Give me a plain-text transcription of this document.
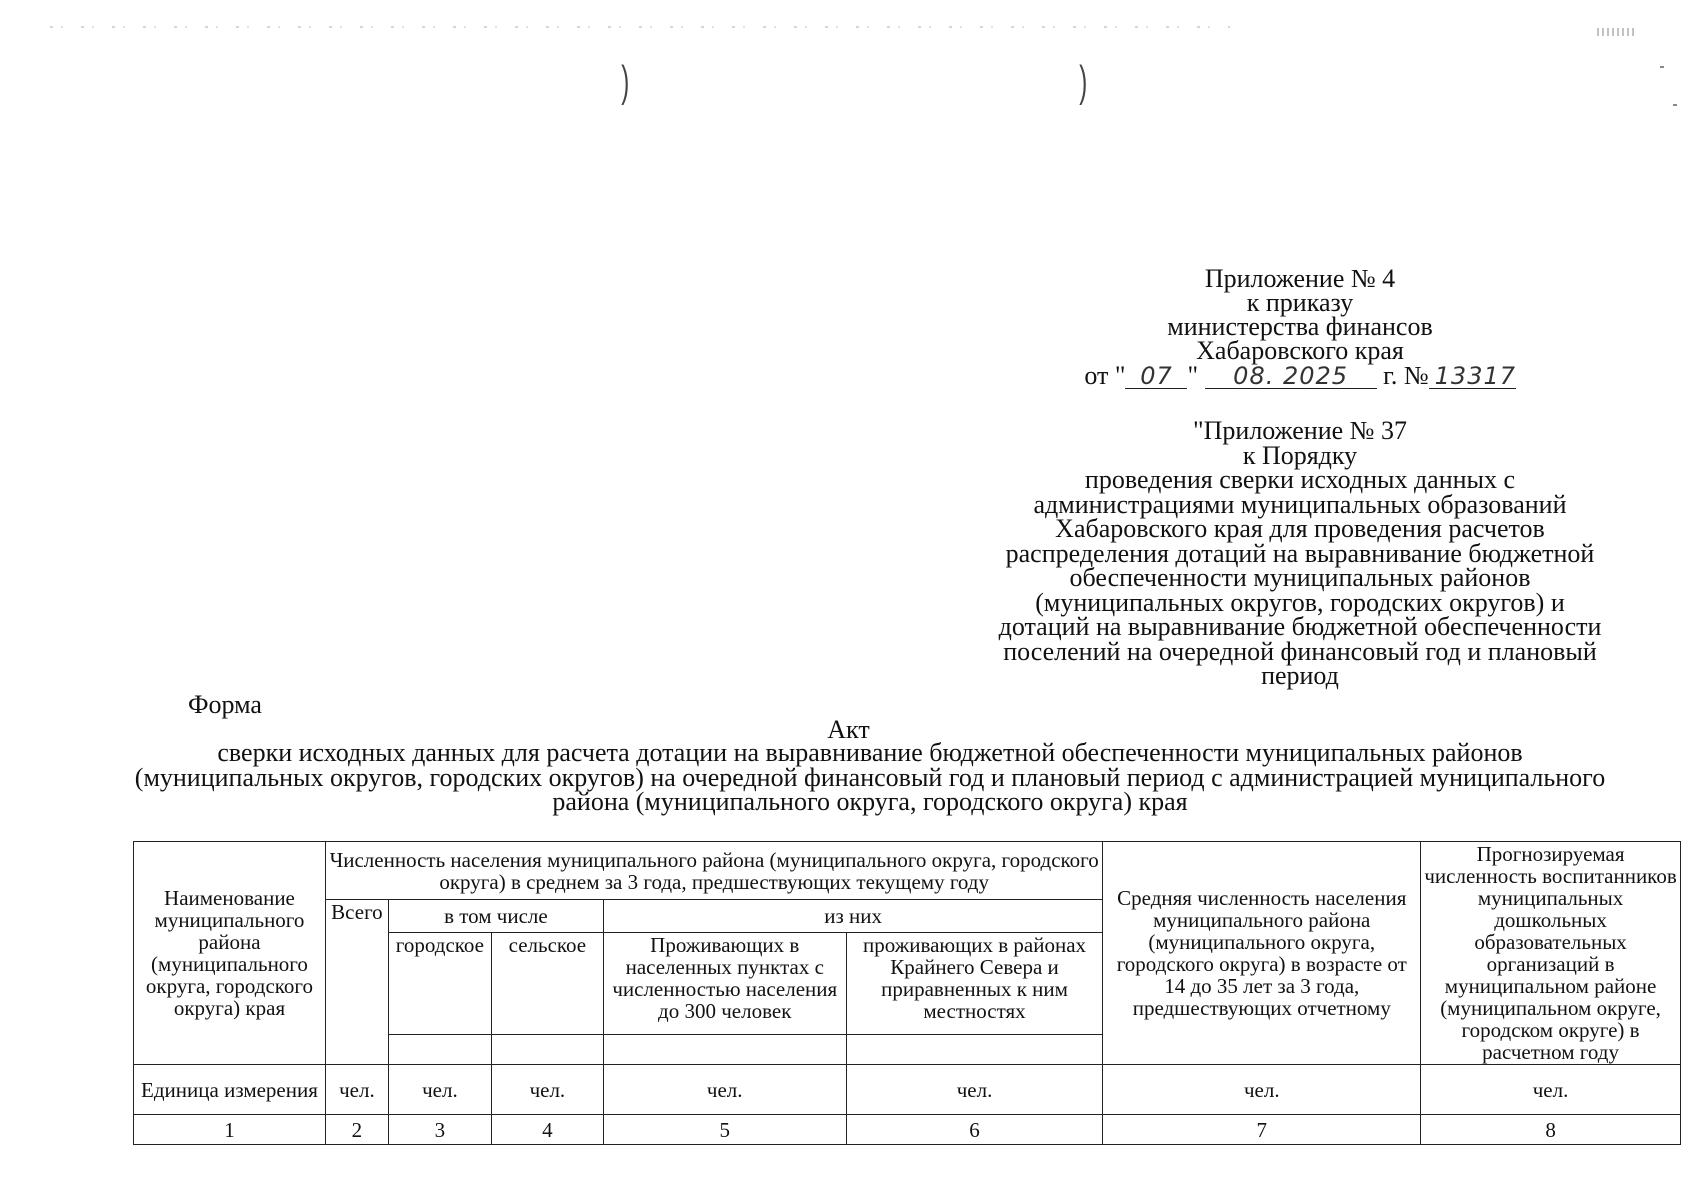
)	)
Приложение № 4
к приказу
министерства финансов
Хабаровского края
от " 07 " 08. 2025 г. № 13317
"Приложение № 37
к Порядку
проведения сверки исходных данных с администрациями муниципальных образований Хабаровского края для проведения расчетов распределения дотаций на выравнивание бюджетной обеспеченности муниципальных районов (муниципальных округов, городских округов) и дотаций на выравнивание бюджетной обеспеченности поселений на очередной финансовый год и плановый период
Форма
Акт
сверки исходных данных для расчета дотации на выравнивание бюджетной обеспеченности муниципальных районов (муниципальных округов, городских округов) на очередной финансовый год и плановый период с администрацией муниципального района (муниципального округа, городского округа) края
Наименование муниципального района (муниципального округа, городского округа) края	Численность населения муниципального района (муниципального округа, городского округа) в среднем за 3 года, предшествующих текущему году					Средняя численность населения муниципального района (муниципального округа, городского округа) в возрасте от 14 до 35 лет за 3 года, предшествующих отчетному	Прогнозируемая численность воспитанников муниципальных дошкольных образовательных организаций в муниципальном районе (муниципальном округе, городском округе) в расчетном году
	Всего	в том числе		из них			
		городское	сельское	Проживающих в населенных пунктах с численностью населения до 300 человек	проживающих в районах Крайнего Севера и приравненных к ним местностях		

Единица измерения	чел.	чел.	чел.	чел.	чел.	чел.	чел.
1	2	3	4	5	6	7	8
